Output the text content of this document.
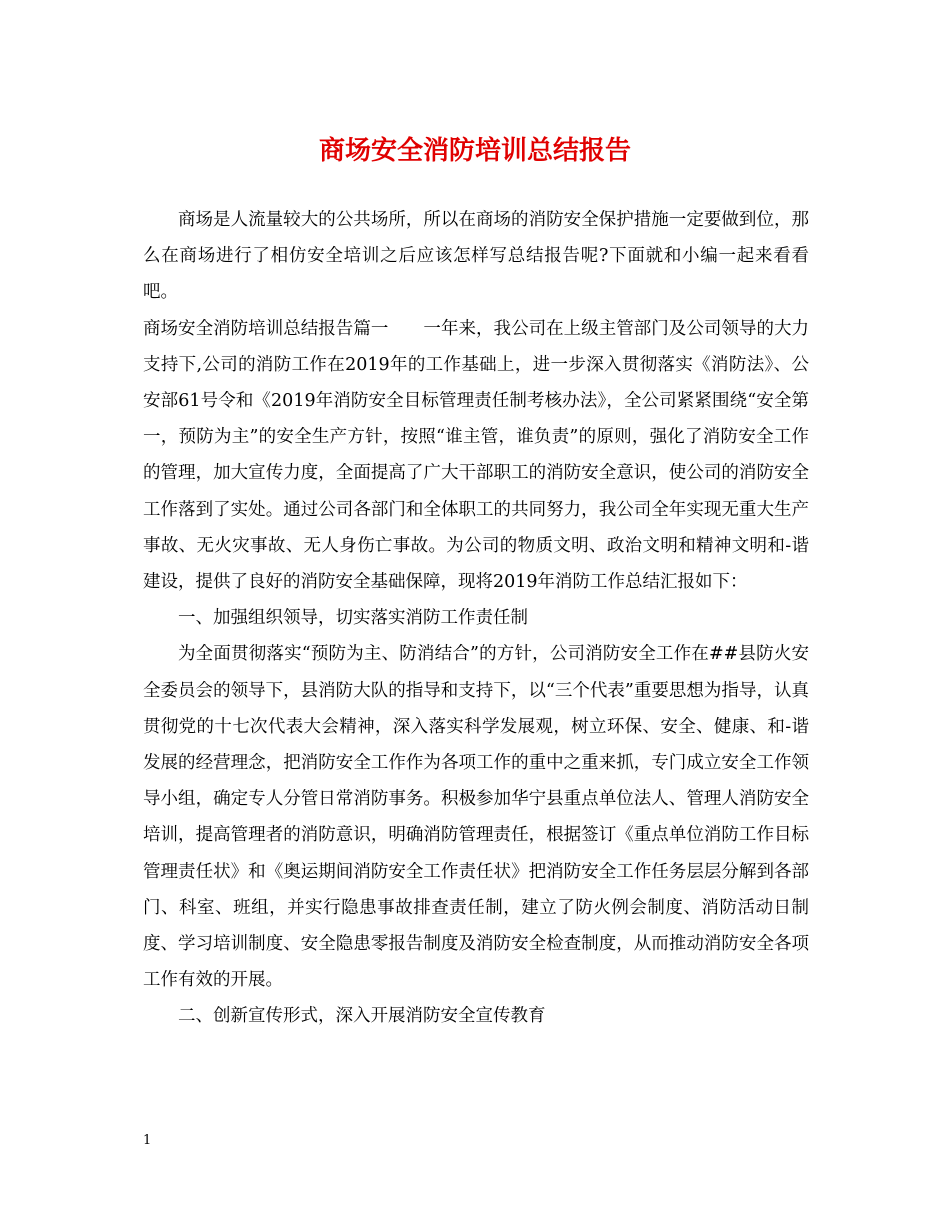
商场安全消防培训总结报告

商场是人流量较大的公共场所，所以在商场的消防安全保护措施一定要做到位，那么在商场进行了相仿安全培训之后应该怎样写总结报告呢?下面就和小编一起来看看吧。

商场安全消防培训总结报告篇一　　一年来，我公司在上级主管部门及公司领导的大力支持下,公司的消防工作在2019年的工作基础上，进一步深入贯彻落实《消防法》、公安部61号令和《2019年消防安全目标管理责任制考核办法》，全公司紧紧围绕“安全第一，预防为主”的安全生产方针，按照“谁主管，谁负责”的原则，强化了消防安全工作的管理，加大宣传力度，全面提高了广大干部职工的消防安全意识，使公司的消防安全工作落到了实处。通过公司各部门和全体职工的共同努力，我公司全年实现无重大生产事故、无火灾事故、无人身伤亡事故。为公司的物质文明、政治文明和精神文明和-谐建设，提供了良好的消防安全基础保障，现将2019年消防工作总结汇报如下：

一、加强组织领导，切实落实消防工作责任制

为全面贯彻落实“预防为主、防消结合”的方针，公司消防安全工作在##县防火安全委员会的领导下，县消防大队的指导和支持下，以“三个代表”重要思想为指导，认真贯彻党的十七次代表大会精神，深入落实科学发展观，树立环保、安全、健康、和-谐发展的经营理念，把消防安全工作作为各项工作的重中之重来抓，专门成立安全工作领导小组，确定专人分管日常消防事务。积极参加华宁县重点单位法人、管理人消防安全培训，提高管理者的消防意识，明确消防管理责任，根据签订《重点单位消防工作目标管理责任状》和《奥运期间消防安全工作责任状》把消防安全工作任务层层分解到各部门、科室、班组，并实行隐患事故排查责任制，建立了防火例会制度、消防活动日制度、学习培训制度、安全隐患零报告制度及消防安全检查制度，从而推动消防安全各项工作有效的开展。

二、创新宣传形式，深入开展消防安全宣传教育

1
